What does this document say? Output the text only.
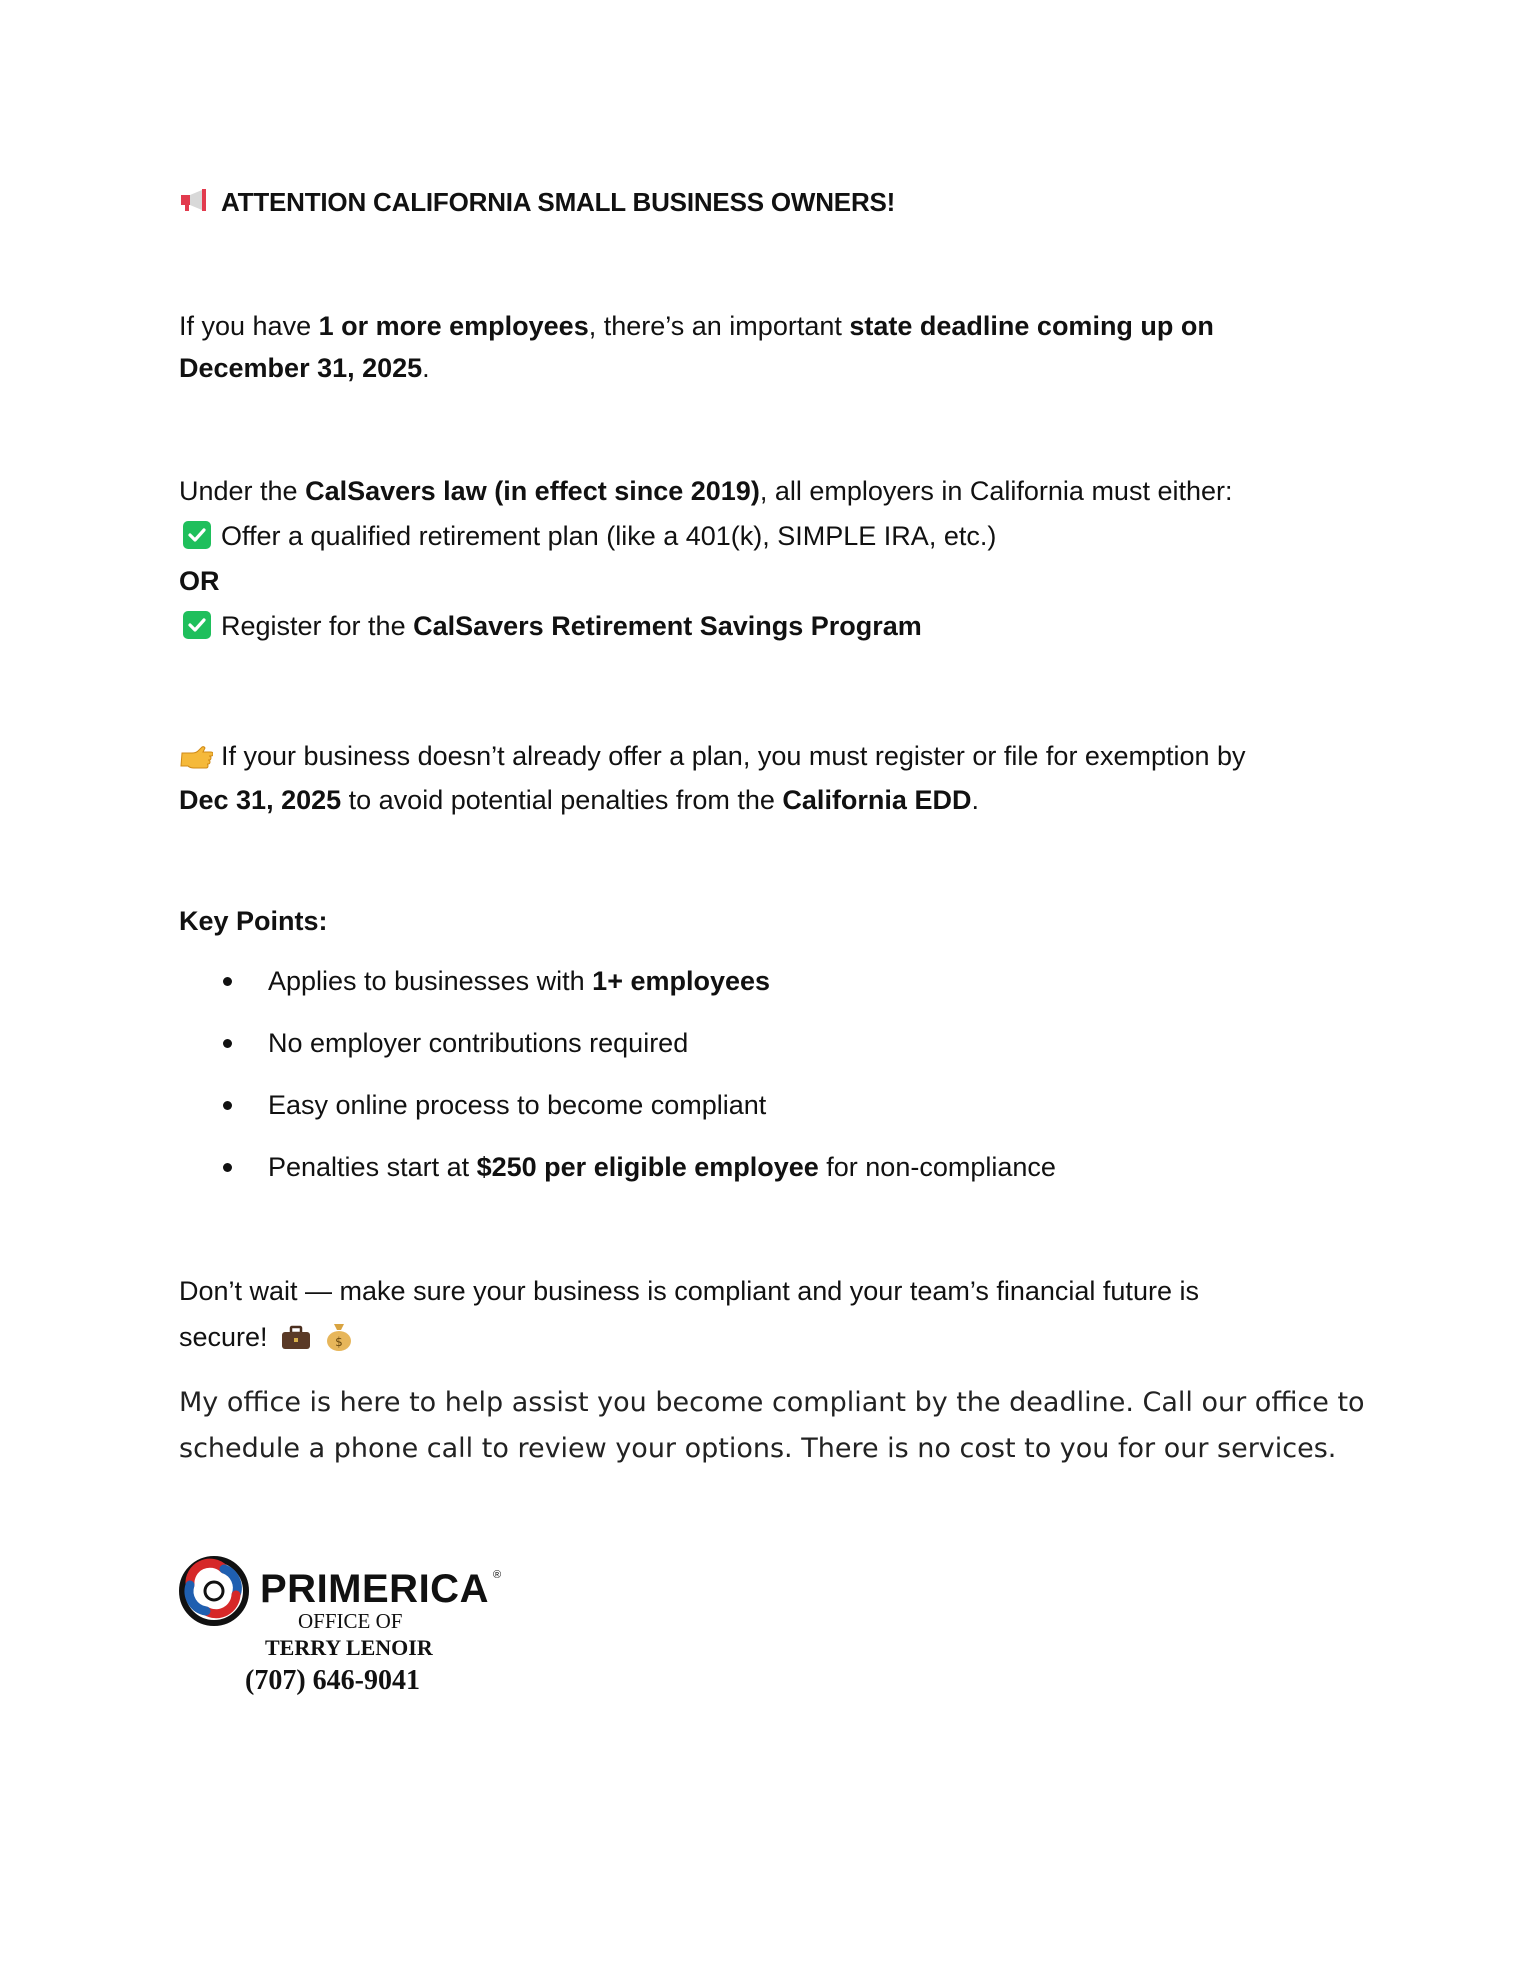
ATTENTION CALIFORNIA SMALL BUSINESS OWNERS!
If you have 1 or more employees, there’s an important state deadline coming up on
December 31, 2025.
Under the CalSavers law (in effect since 2019), all employers in California must either:
Offer a qualified retirement plan (like a 401(k), SIMPLE IRA, etc.)
OR
Register for the CalSavers Retirement Savings Program
If your business doesn’t already offer a plan, you must register or file for exemption by
Dec 31, 2025 to avoid potential penalties from the California EDD.
Key Points:
Applies to businesses with 1+ employees
No employer contributions required
Easy online process to become compliant
Penalties start at $250 per eligible employee for non-compliance
Don’t wait — make sure your business is compliant and your team’s financial future is
secure!	$
My office is here to help assist you become compliant by the deadline. Call our office to
schedule a phone call to review your options. There is no cost to you for our services.
PRIMERICA ®
OFFICE OF
TERRY LENOIR
(707) 646-9041
